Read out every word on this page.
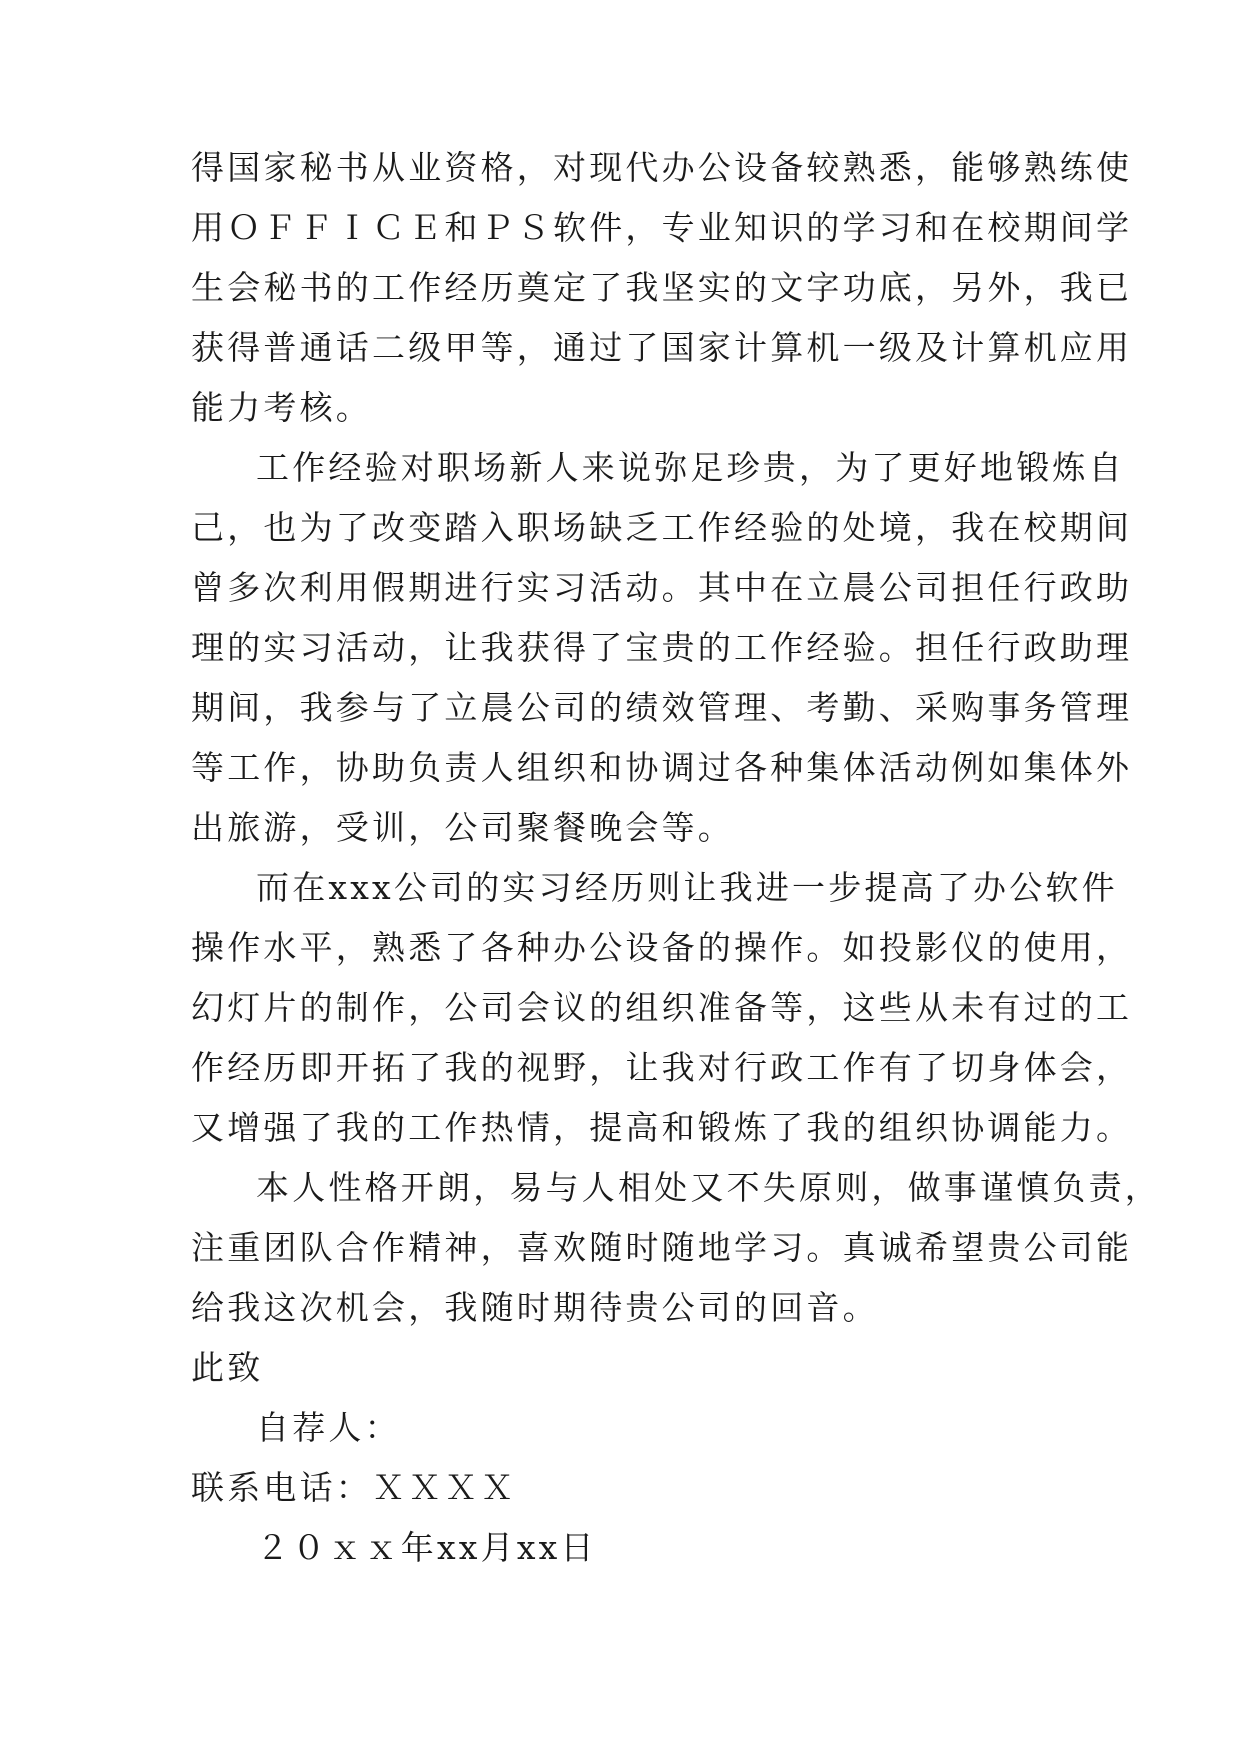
得国家秘书从业资格，对现代办公设备较熟悉，能够熟练使
用ＯＦＦＩＣＥ和ＰＳ软件，专业知识的学习和在校期间学
生会秘书的工作经历奠定了我坚实的文字功底，另外，我已
获得普通话二级甲等，通过了国家计算机一级及计算机应用
能力考核。
工作经验对职场新人来说弥足珍贵，为了更好地锻炼自
己，也为了改变踏入职场缺乏工作经验的处境，我在校期间
曾多次利用假期进行实习活动。其中在立晨公司担任行政助
理的实习活动，让我获得了宝贵的工作经验。担任行政助理
期间，我参与了立晨公司的绩效管理、考勤、采购事务管理
等工作，协助负责人组织和协调过各种集体活动例如集体外
出旅游，受训，公司聚餐晚会等。
而在xxx公司的实习经历则让我进一步提高了办公软件
操作水平，熟悉了各种办公设备的操作。如投影仪的使用，
幻灯片的制作，公司会议的组织准备等，这些从未有过的工
作经历即开拓了我的视野，让我对行政工作有了切身体会，
又增强了我的工作热情，提高和锻炼了我的组织协调能力。
本人性格开朗，易与人相处又不失原则，做事谨慎负责，
注重团队合作精神，喜欢随时随地学习。真诚希望贵公司能
给我这次机会，我随时期待贵公司的回音。
此致
自荐人：
联系电话：ＸＸＸＸ
２０ｘｘ年xx月xx日
